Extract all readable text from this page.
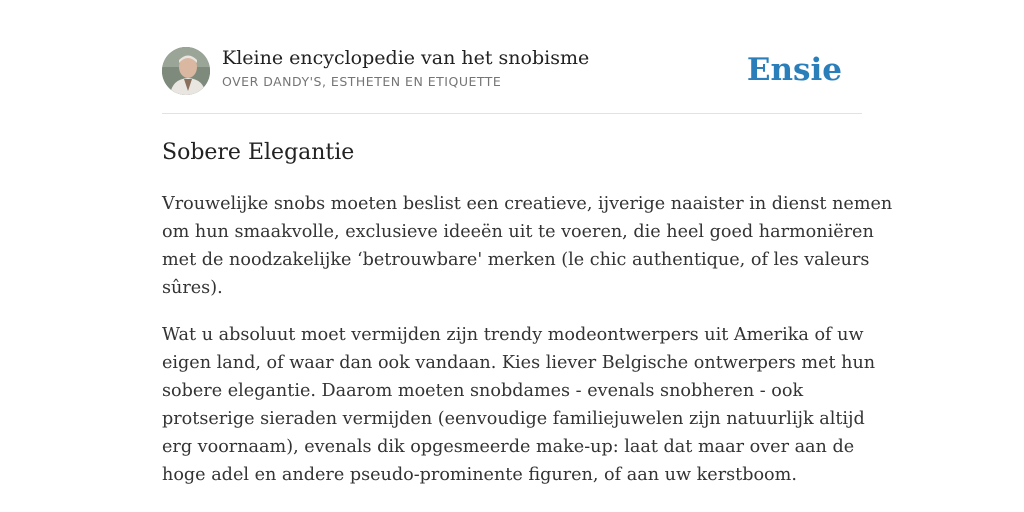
Kleine encyclopedie van het snobisme
OVER DANDY'S, ESTHETEN EN ETIQUETTE	Ensie
Sobere Elegantie

Vrouwelijke snobs moeten beslist een creatieve, ijverige naaister in dienst nemen
om hun smaakvolle, exclusieve ideeën uit te voeren, die heel goed harmoniëren
met de noodzakelijke ‘betrouwbare' merken (le chic authentique, of les valeurs
sûres).

Wat u absoluut moet vermijden zijn trendy modeontwerpers uit Amerika of uw
eigen land, of waar dan ook vandaan. Kies liever Belgische ontwerpers met hun
sobere elegantie. Daarom moeten snobdames - evenals snobheren - ook
protserige sieraden vermijden (eenvoudige familiejuwelen zijn natuurlijk altijd
erg voornaam), evenals dik opgesmeerde make-up: laat dat maar over aan de
hoge adel en andere pseudo-prominente figuren, of aan uw kerstboom.
